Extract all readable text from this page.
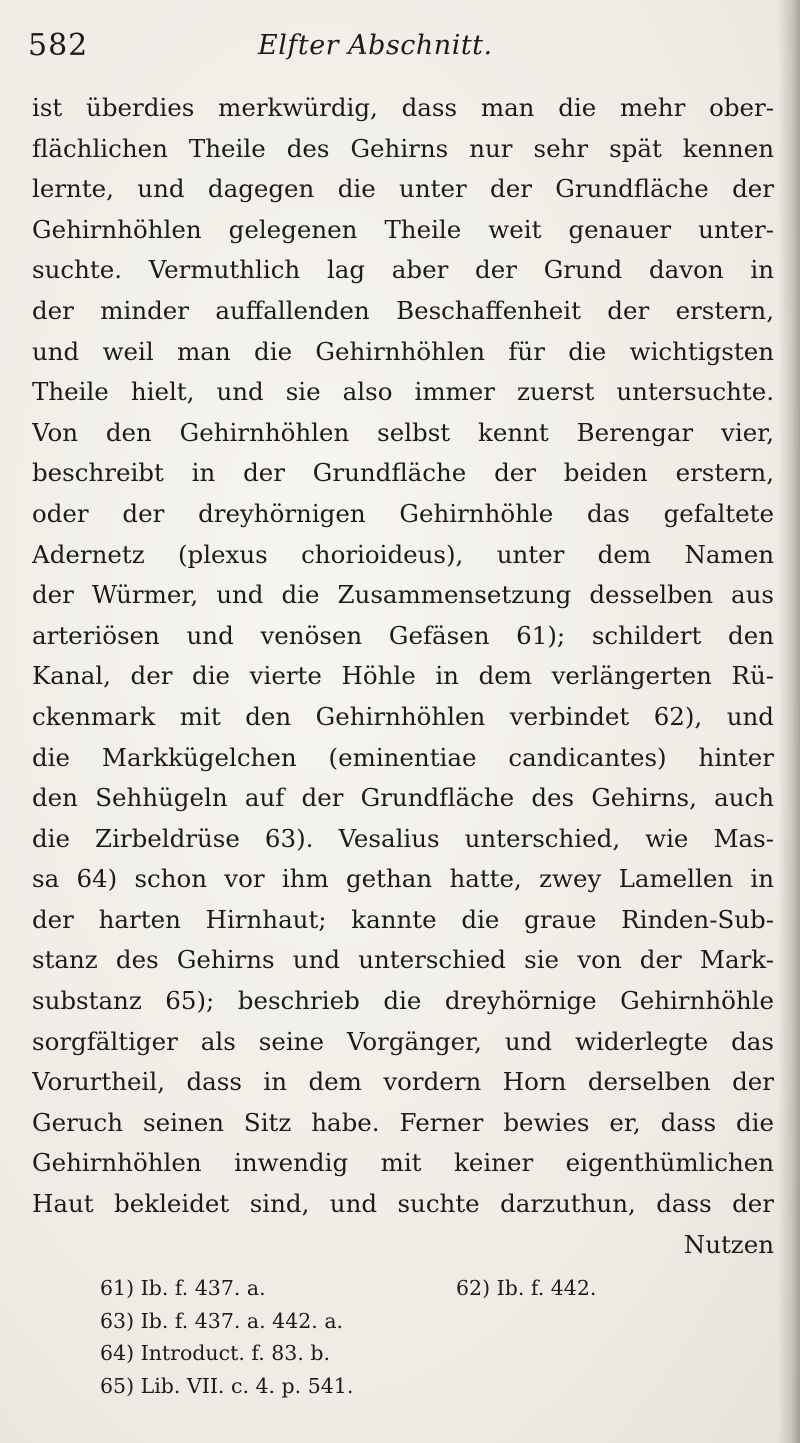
582	Elfter Abschnitt.
ist überdies merkwürdig, dass man die mehr ober-
flächlichen Theile des Gehirns nur sehr spät kennen
lernte, und dagegen die unter der Grundfläche der
Gehirnhöhlen gelegenen Theile weit genauer unter-
suchte. Vermuthlich lag aber der Grund davon in
der minder auffallenden Beschaffenheit der erstern,
und weil man die Gehirnhöhlen für die wichtigsten
Theile hielt, und sie also immer zuerst untersuchte.
Von den Gehirnhöhlen selbst kennt Berengar vier,
beschreibt in der Grundfläche der beiden erstern,
oder der dreyhörnigen Gehirnhöhle das gefaltete
Adernetz (plexus chorioideus), unter dem Namen
der Würmer, und die Zusammensetzung desselben aus
arteriösen und venösen Gefäsen 61); schildert den
Kanal, der die vierte Höhle in dem verlängerten Rü-
ckenmark mit den Gehirnhöhlen verbindet 62), und
die Markkügelchen (eminentiae candicantes) hinter
den Sehhügeln auf der Grundfläche des Gehirns, auch
die Zirbeldrüse 63). Vesalius unterschied, wie Mas-
sa 64) schon vor ihm gethan hatte, zwey Lamellen in
der harten Hirnhaut; kannte die graue Rinden-Sub-
stanz des Gehirns und unterschied sie von der Mark-
substanz 65); beschrieb die dreyhörnige Gehirnhöhle
sorgfältiger als seine Vorgänger, und widerlegte das
Vorurtheil, dass in dem vordern Horn derselben der
Geruch seinen Sitz habe. Ferner bewies er, dass die
Gehirnhöhlen inwendig mit keiner eigenthümlichen
Haut bekleidet sind, und suchte darzuthun, dass der
Nutzen
61) Ib. f. 437. a.	62) Ib. f. 442.
63) Ib. f. 437. a. 442. a.
64) Introduct. f. 83. b.
65) Lib. VII. c. 4. p. 541.
